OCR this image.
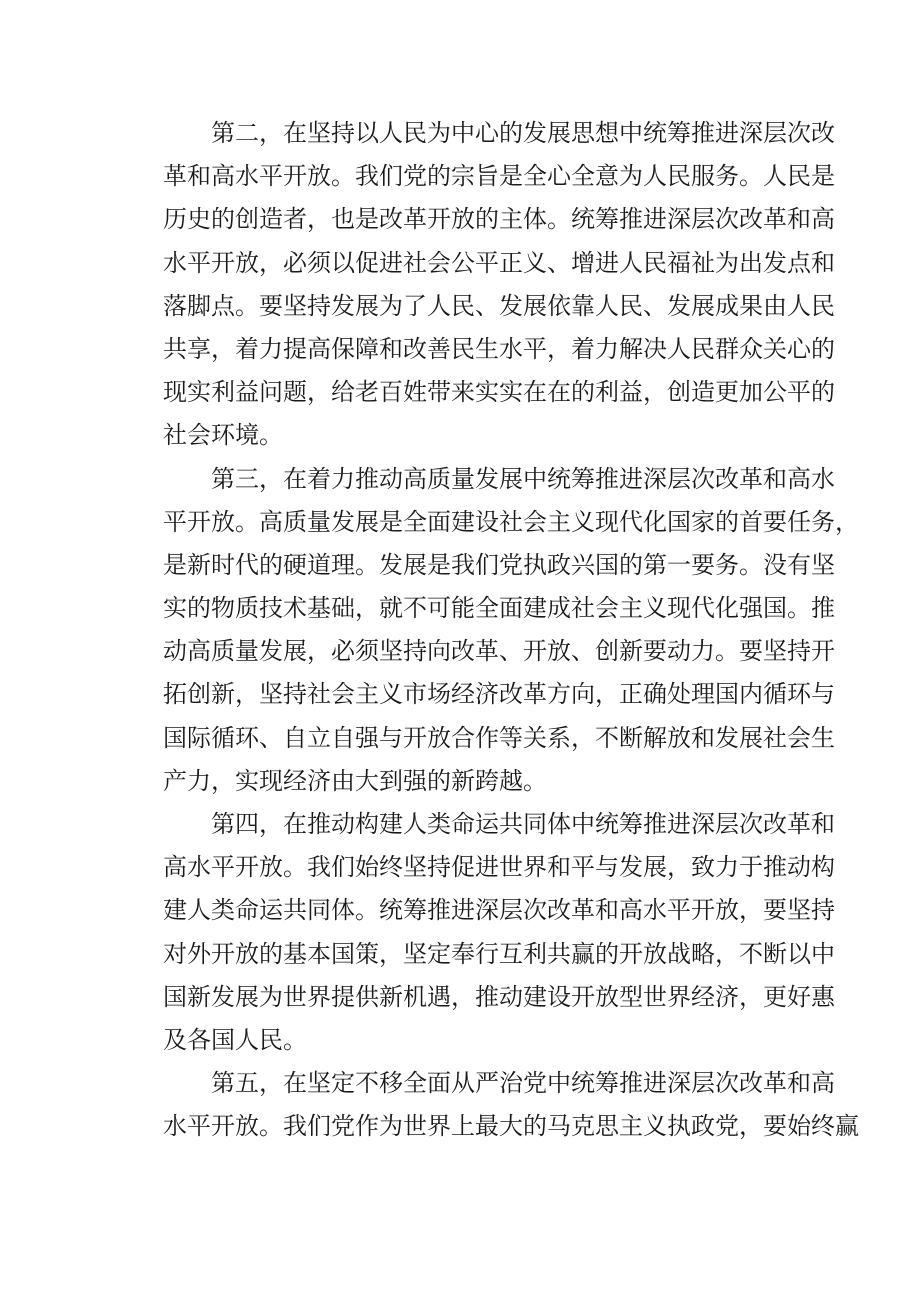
　　第二，在坚持以人民为中心的发展思想中统筹推进深层次改
革和高水平开放。我们党的宗旨是全心全意为人民服务。人民是
历史的创造者，也是改革开放的主体。统筹推进深层次改革和高
水平开放，必须以促进社会公平正义、增进人民福祉为出发点和
落脚点。要坚持发展为了人民、发展依靠人民、发展成果由人民
共享，着力提高保障和改善民生水平，着力解决人民群众关心的
现实利益问题，给老百姓带来实实在在的利益，创造更加公平的
社会环境。
　　第三，在着力推动高质量发展中统筹推进深层次改革和高水
平开放。高质量发展是全面建设社会主义现代化国家的首要任务，
是新时代的硬道理。发展是我们党执政兴国的第一要务。没有坚
实的物质技术基础，就不可能全面建成社会主义现代化强国。推
动高质量发展，必须坚持向改革、开放、创新要动力。要坚持开
拓创新，坚持社会主义市场经济改革方向，正确处理国内循环与
国际循环、自立自强与开放合作等关系，不断解放和发展社会生
产力，实现经济由大到强的新跨越。
　　第四，在推动构建人类命运共同体中统筹推进深层次改革和
高水平开放。我们始终坚持促进世界和平与发展，致力于推动构
建人类命运共同体。统筹推进深层次改革和高水平开放，要坚持
对外开放的基本国策，坚定奉行互利共赢的开放战略，不断以中
国新发展为世界提供新机遇，推动建设开放型世界经济，更好惠
及各国人民。
　　第五，在坚定不移全面从严治党中统筹推进深层次改革和高
水平开放。我们党作为世界上最大的马克思主义执政党，要始终赢
